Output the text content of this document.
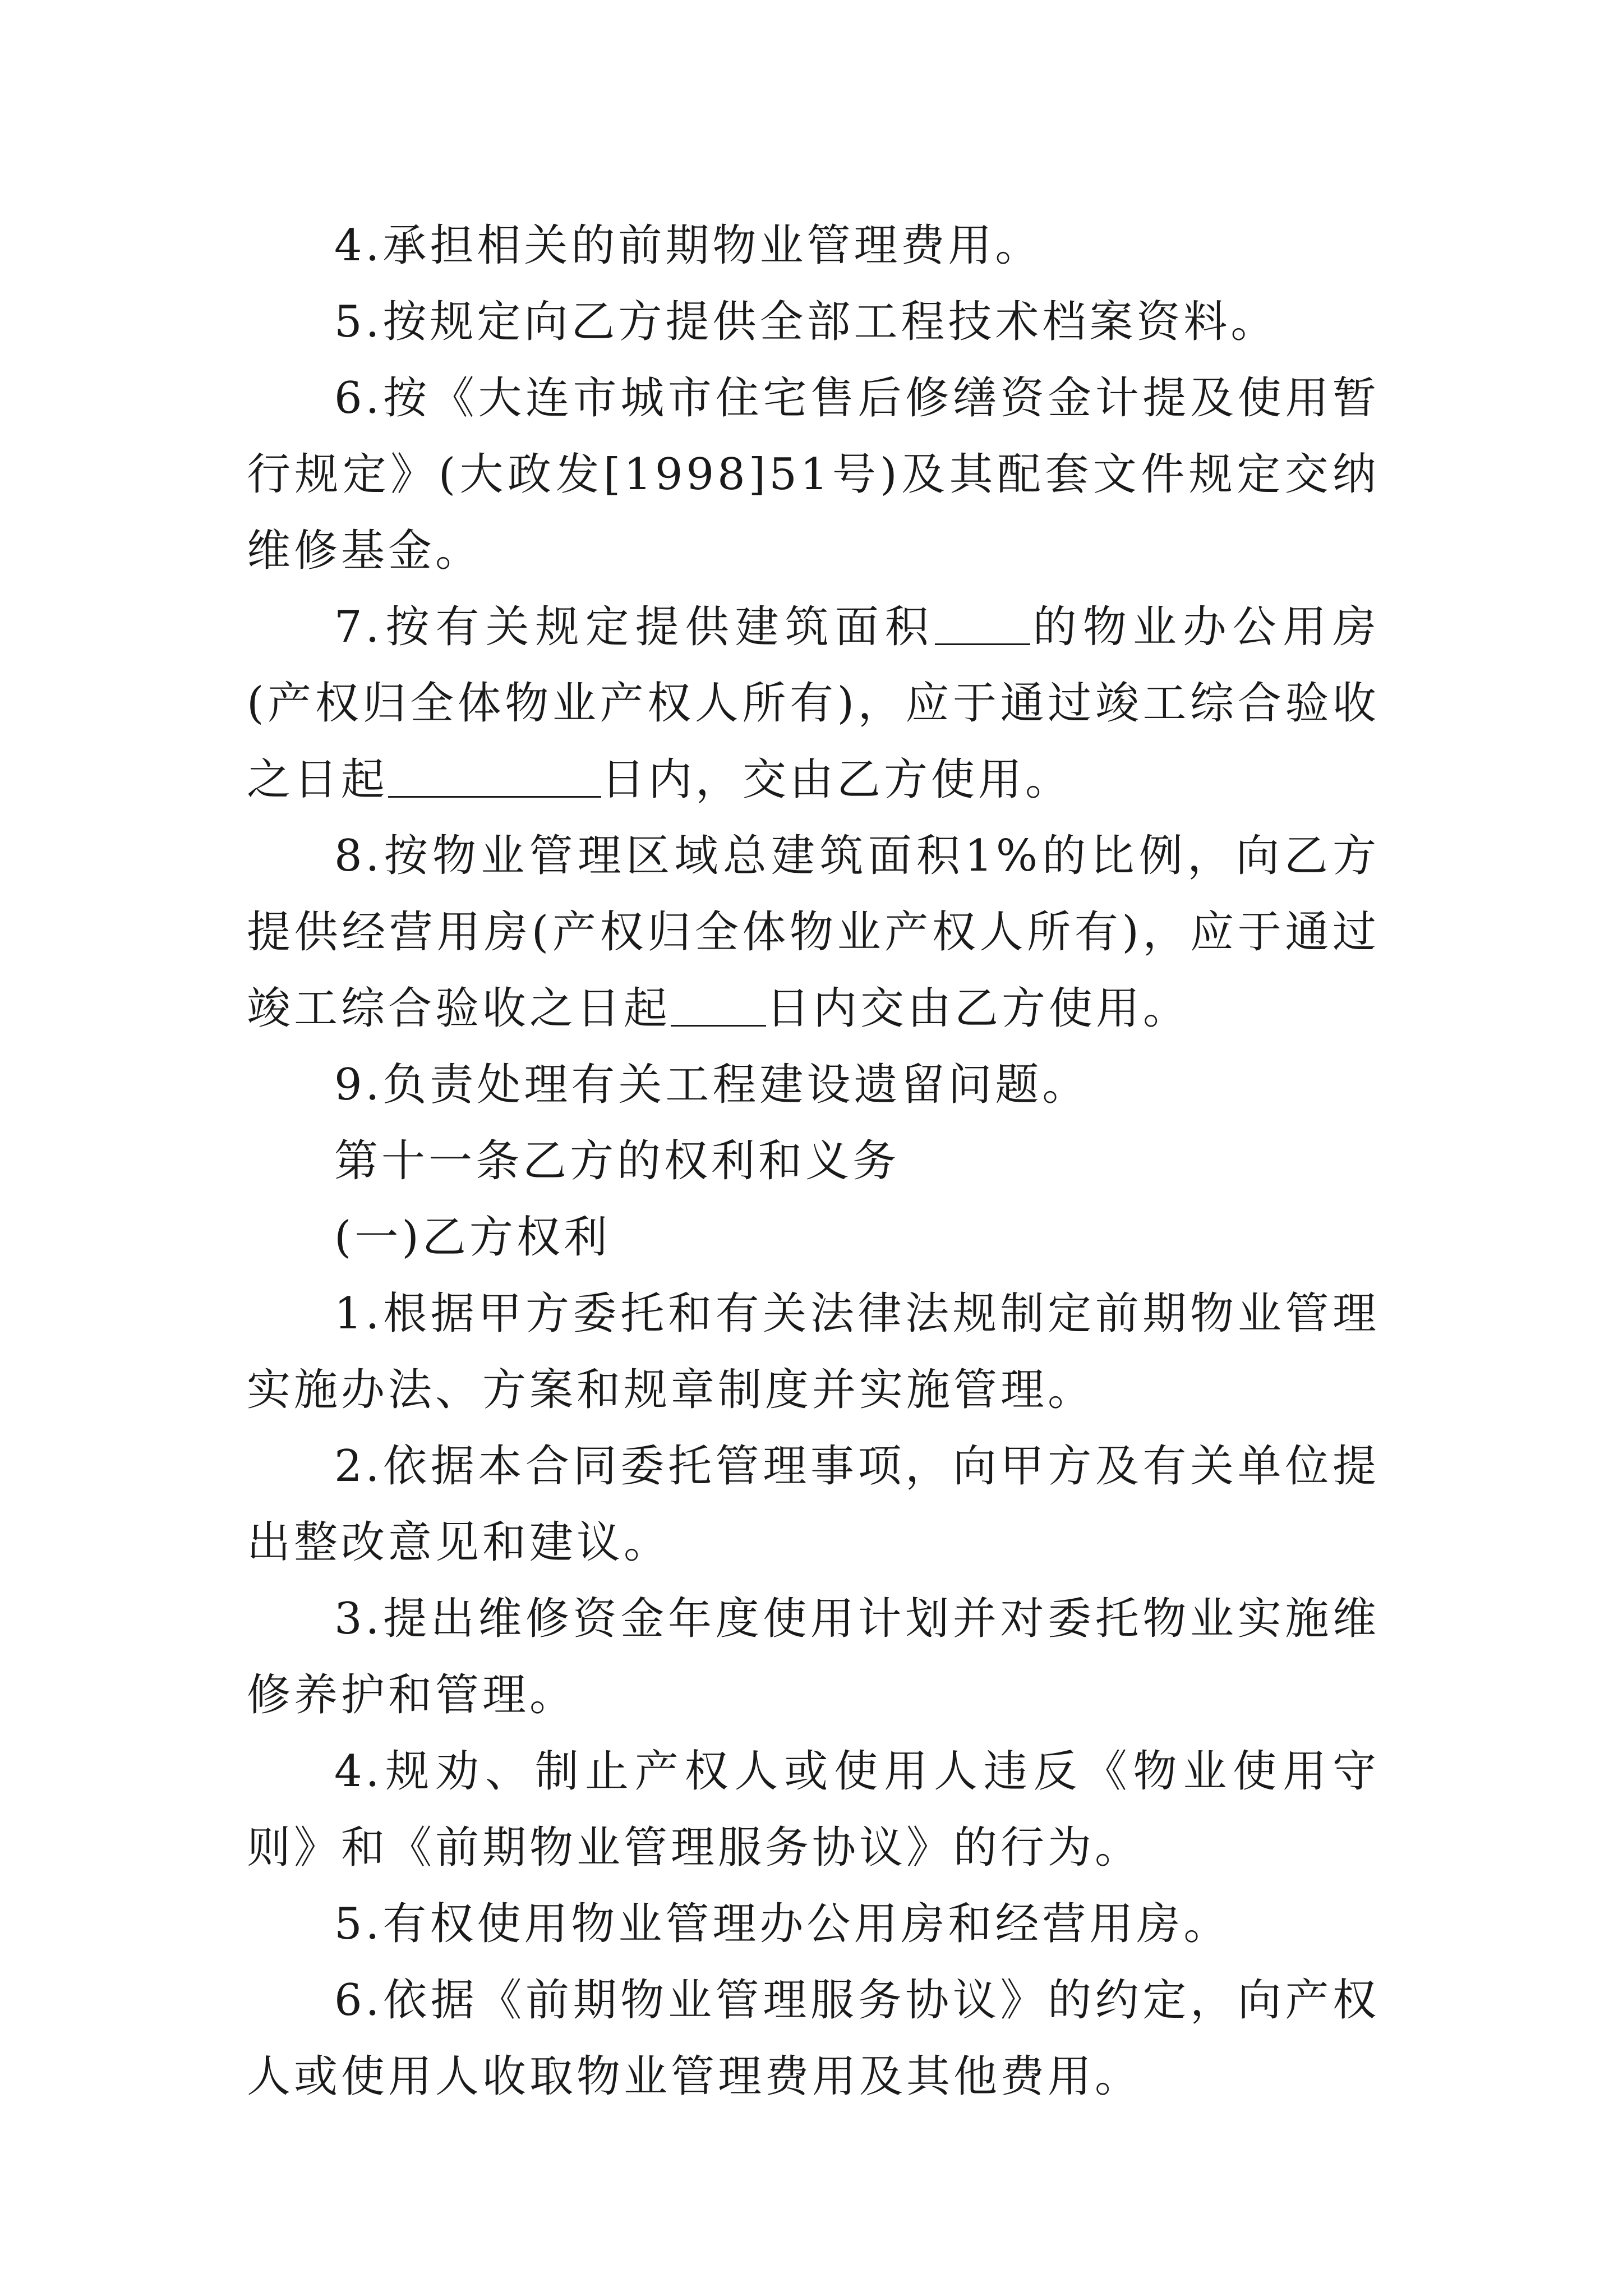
4.承担相关的前期物业管理费用。

5.按规定向乙方提供全部工程技术档案资料。

6.按《大连市城市住宅售后修缮资金计提及使用暂行规定》(大政发[1998]51号)及其配套文件规定交纳维修基金。

7.按有关规定提供建筑面积 的物业办公用房(产权归全体物业产权人所有)，应于通过竣工综合验收之日起	日内，交由乙方使用。

8.按物业管理区域总建筑面积1%的比例，向乙方提供经营用房(产权归全体物业产权人所有)，应于通过竣工综合验收之日起 日内交由乙方使用。

9.负责处理有关工程建设遗留问题。

第十一条乙方的权利和义务

(一)乙方权利

1.根据甲方委托和有关法律法规制定前期物业管理实施办法、方案和规章制度并实施管理。

2.依据本合同委托管理事项，向甲方及有关单位提出整改意见和建议。

3.提出维修资金年度使用计划并对委托物业实施维修养护和管理。

4.规劝、制止产权人或使用人违反《物业使用守则》和《前期物业管理服务协议》的行为。

5.有权使用物业管理办公用房和经营用房。

6.依据《前期物业管理服务协议》的约定，向产权人或使用人收取物业管理费用及其他费用。
